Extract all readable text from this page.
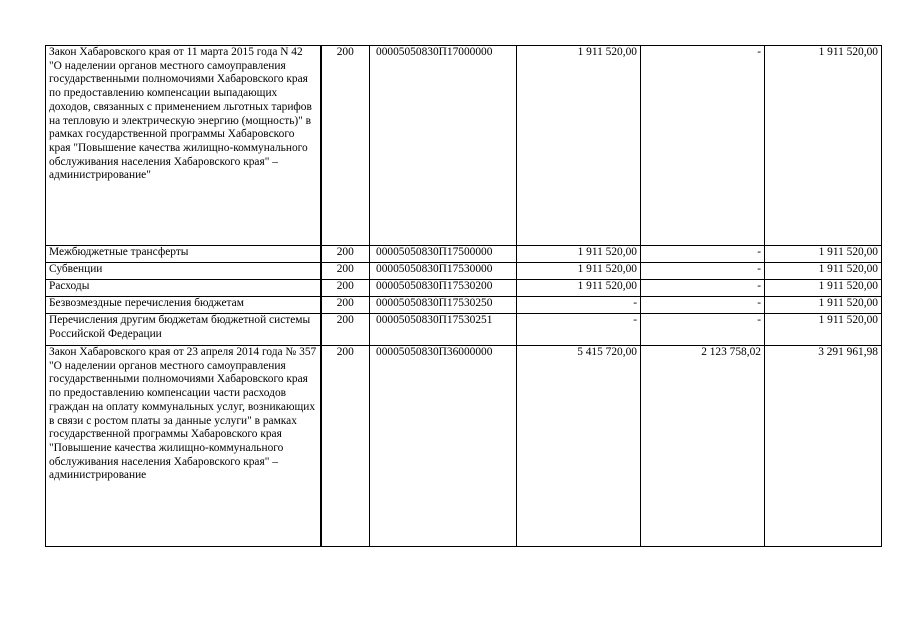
Закон Хабаровского края от 11 марта 2015 года N 42 "О наделении органов местного самоуправления государственными полномочиями Хабаровского края по предоставлению компенсации выпадающих доходов, связанных с применением льготных тарифов на тепловую и электрическую энергию (мощность)" в рамках государственной программы Хабаровского края "Повышение качества жилищно-коммунального обслуживания населения Хабаровского края" – администрирование"	200	00005050830П17000000	1 911 520,00	-	1 911 520,00
Межбюджетные трансферты	200	00005050830П17500000	1 911 520,00	-	1 911 520,00
Субвенции	200	00005050830П17530000	1 911 520,00	-	1 911 520,00
Расходы	200	00005050830П17530200	1 911 520,00	-	1 911 520,00
Безвозмездные перечисления бюджетам	200	00005050830П17530250	-	-	1 911 520,00
Перечисления другим бюджетам бюджетной системы Российской Федерации	200	00005050830П17530251	-	-	1 911 520,00
Закон Хабаровского края от 23 апреля 2014 года № 357 "О наделении органов местного самоуправления государственными полномочиями Хабаровского края по предоставлению компенсации части расходов граждан на оплату коммунальных услуг, возникающих в связи с ростом платы за данные услуги" в рамках государственной программы Хабаровского края "Повышение качества жилищно-коммунального обслуживания населения Хабаровского края" – администрирование	200	00005050830П36000000	5 415 720,00	2 123 758,02	3 291 961,98
